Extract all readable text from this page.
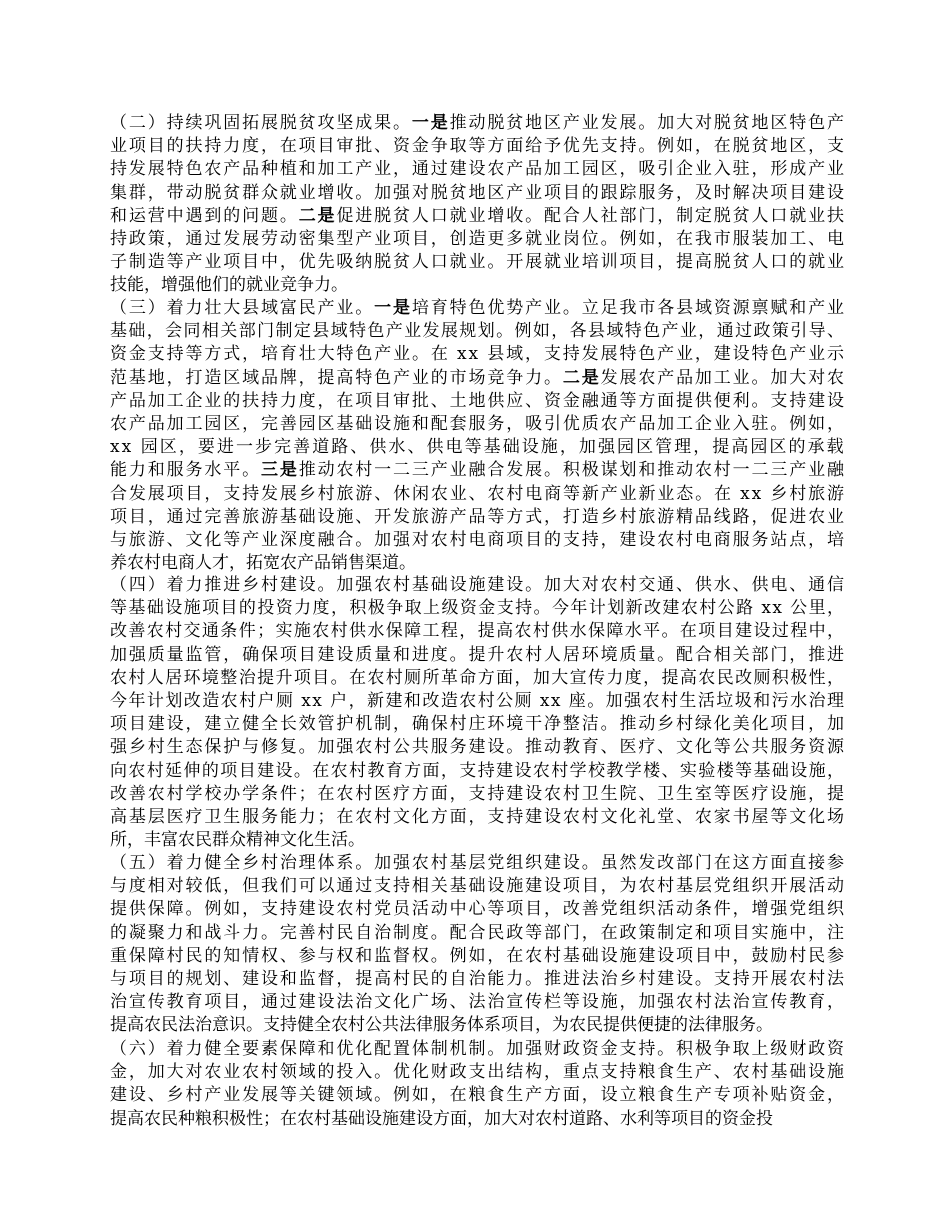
（二）持续巩固拓展脱贫攻坚成果。一是推动脱贫地区产业发展。加大对脱贫地区特色产
业项目的扶持力度，在项目审批、资金争取等方面给予优先支持。例如，在脱贫地区，支
持发展特色农产品种植和加工产业，通过建设农产品加工园区，吸引企业入驻，形成产业
集群，带动脱贫群众就业增收。加强对脱贫地区产业项目的跟踪服务，及时解决项目建设
和运营中遇到的问题。二是促进脱贫人口就业增收。配合人社部门，制定脱贫人口就业扶
持政策，通过发展劳动密集型产业项目，创造更多就业岗位。例如，在我市服装加工、电
子制造等产业项目中，优先吸纳脱贫人口就业。开展就业培训项目，提高脱贫人口的就业
技能，增强他们的就业竞争力。
（三）着力壮大县域富民产业。一是培育特色优势产业。立足我市各县域资源禀赋和产业
基础，会同相关部门制定县域特色产业发展规划。例如，各县域特色产业，通过政策引导、
资金支持等方式，培育壮大特色产业。在 xx 县域，支持发展特色产业，建设特色产业示
范基地，打造区域品牌，提高特色产业的市场竞争力。二是发展农产品加工业。加大对农
产品加工企业的扶持力度，在项目审批、土地供应、资金融通等方面提供便利。支持建设
农产品加工园区，完善园区基础设施和配套服务，吸引优质农产品加工企业入驻。例如，
xx 园区，要进一步完善道路、供水、供电等基础设施，加强园区管理，提高园区的承载
能力和服务水平。三是推动农村一二三产业融合发展。积极谋划和推动农村一二三产业融
合发展项目，支持发展乡村旅游、休闲农业、农村电商等新产业新业态。在 xx 乡村旅游
项目，通过完善旅游基础设施、开发旅游产品等方式，打造乡村旅游精品线路，促进农业
与旅游、文化等产业深度融合。加强对农村电商项目的支持，建设农村电商服务站点，培
养农村电商人才，拓宽农产品销售渠道。
（四）着力推进乡村建设。加强农村基础设施建设。加大对农村交通、供水、供电、通信
等基础设施项目的投资力度，积极争取上级资金支持。今年计划新改建农村公路 xx 公里，
改善农村交通条件；实施农村供水保障工程，提高农村供水保障水平。在项目建设过程中，
加强质量监管，确保项目建设质量和进度。提升农村人居环境质量。配合相关部门，推进
农村人居环境整治提升项目。在农村厕所革命方面，加大宣传力度，提高农民改厕积极性，
今年计划改造农村户厕 xx 户，新建和改造农村公厕 xx 座。加强农村生活垃圾和污水治理
项目建设，建立健全长效管护机制，确保村庄环境干净整洁。推动乡村绿化美化项目，加
强乡村生态保护与修复。加强农村公共服务建设。推动教育、医疗、文化等公共服务资源
向农村延伸的项目建设。在农村教育方面，支持建设农村学校教学楼、实验楼等基础设施，
改善农村学校办学条件；在农村医疗方面，支持建设农村卫生院、卫生室等医疗设施，提
高基层医疗卫生服务能力；在农村文化方面，支持建设农村文化礼堂、农家书屋等文化场
所，丰富农民群众精神文化生活。
（五）着力健全乡村治理体系。加强农村基层党组织建设。虽然发改部门在这方面直接参
与度相对较低，但我们可以通过支持相关基础设施建设项目，为农村基层党组织开展活动
提供保障。例如，支持建设农村党员活动中心等项目，改善党组织活动条件，增强党组织
的凝聚力和战斗力。完善村民自治制度。配合民政等部门，在政策制定和项目实施中，注
重保障村民的知情权、参与权和监督权。例如，在农村基础设施建设项目中，鼓励村民参
与项目的规划、建设和监督，提高村民的自治能力。推进法治乡村建设。支持开展农村法
治宣传教育项目，通过建设法治文化广场、法治宣传栏等设施，加强农村法治宣传教育，
提高农民法治意识。支持健全农村公共法律服务体系项目，为农民提供便捷的法律服务。
（六）着力健全要素保障和优化配置体制机制。加强财政资金支持。积极争取上级财政资
金，加大对农业农村领域的投入。优化财政支出结构，重点支持粮食生产、农村基础设施
建设、乡村产业发展等关键领域。例如，在粮食生产方面，设立粮食生产专项补贴资金，
提高农民种粮积极性；在农村基础设施建设方面，加大对农村道路、水利等项目的资金投
